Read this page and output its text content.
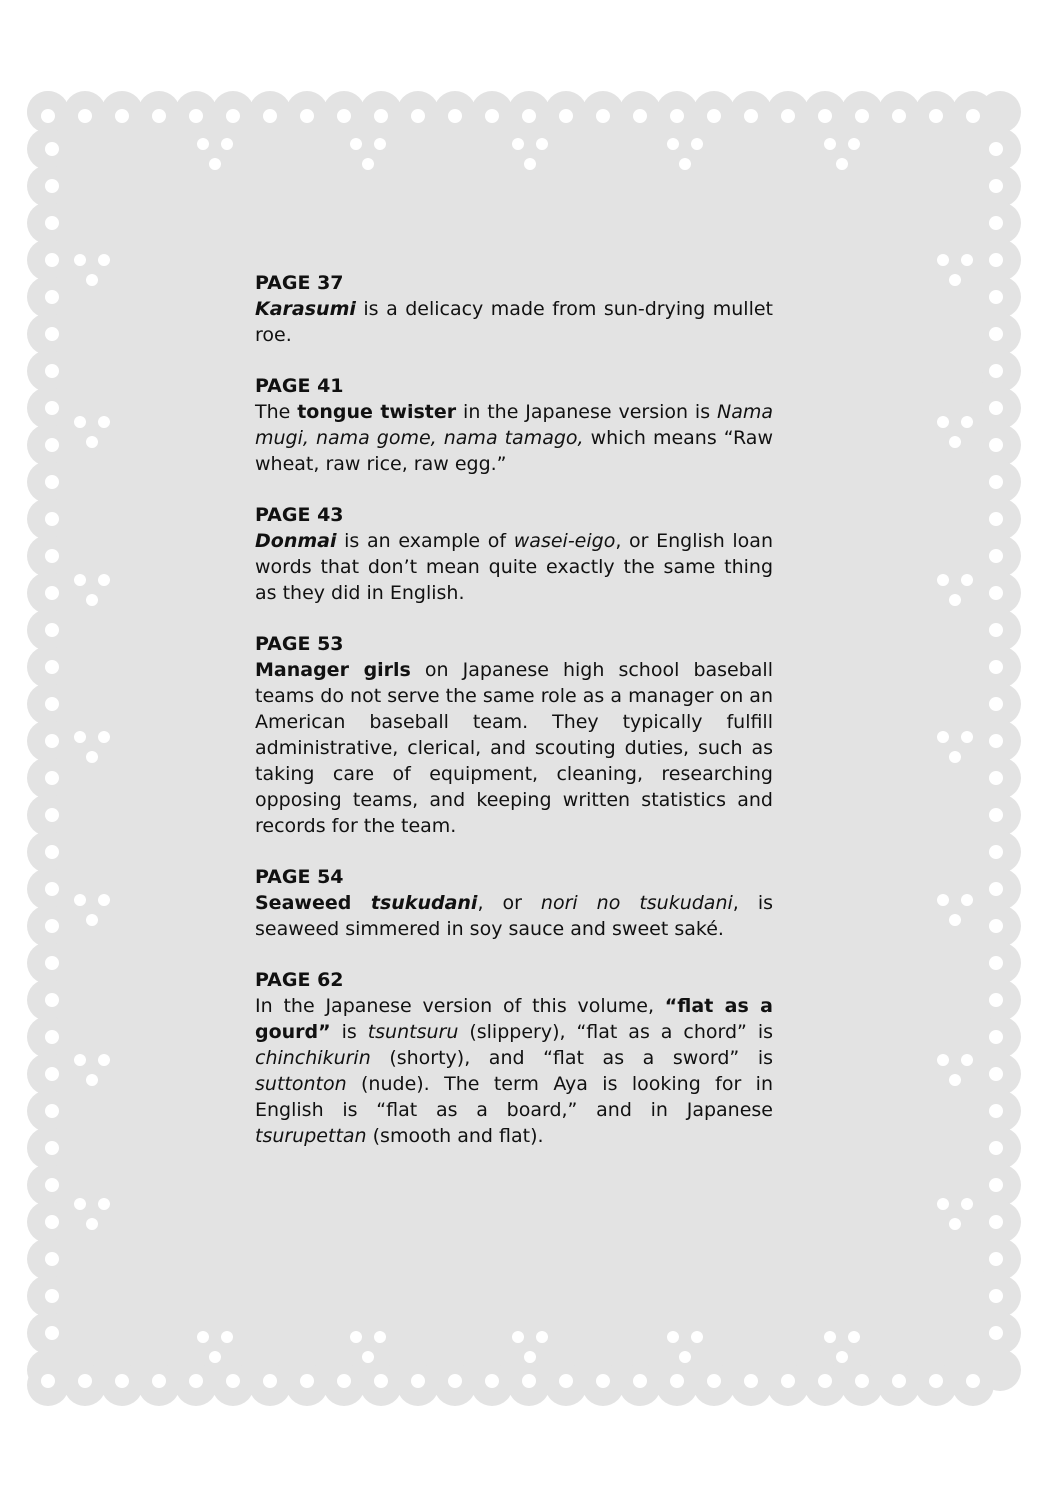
PAGE 37
Karasumi is a delicacy made from sun-drying mullet roe.
PAGE 41
The tongue twister in the Japanese version is Nama mugi, nama gome, nama tamago, which means “Raw wheat, raw rice, raw egg.”
PAGE 43
Donmai is an example of wasei-eigo, or English loan words that don’t mean quite exactly the same thing as they did in English.
PAGE 53
Manager girls on Japanese high school baseball teams do not serve the same role as a manager on an American baseball team. They typically fulfill administrative, clerical, and scouting duties, such as taking care of equipment, cleaning, researching opposing teams, and keeping written statistics and records for the team.
PAGE 54
Seaweed tsukudani, or nori no tsukudani, is seaweed simmered in soy sauce and sweet saké.
PAGE 62
In the Japanese version of this volume, “flat as a gourd” is tsuntsuru (slippery), “flat as a chord” is chinchikurin (shorty), and “flat as a sword” is suttonton (nude). The term Aya is looking for in English is “flat as a board,” and in Japanese tsurupettan (smooth and flat).
